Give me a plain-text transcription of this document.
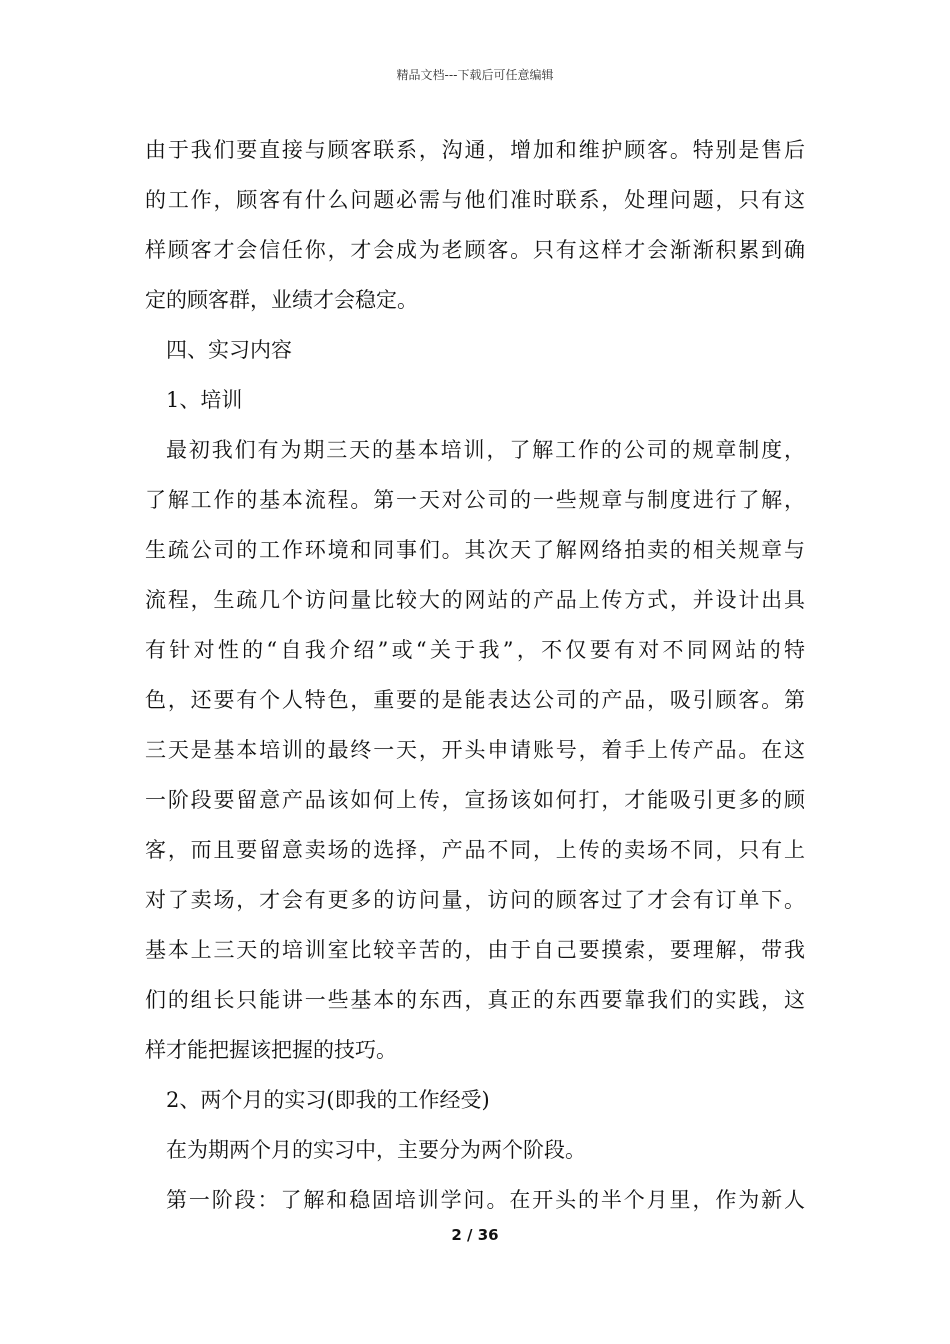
精品文档---下载后可任意编辑
由于我们要直接与顾客联系，沟通，增加和维护顾客。特别是售后
的工作，顾客有什么问题必需与他们准时联系，处理问题，只有这
样顾客才会信任你，才会成为老顾客。只有这样才会渐渐积累到确
定的顾客群，业绩才会稳定。
四、实习内容
1、培训
最初我们有为期三天的基本培训，了解工作的公司的规章制度，
了解工作的基本流程。第一天对公司的一些规章与制度进行了解，
生疏公司的工作环境和同事们。其次天了解网络拍卖的相关规章与
流程，生疏几个访问量比较大的网站的产品上传方式，并设计出具
有针对性的“自我介绍”或“关于我”，不仅要有对不同网站的特
色，还要有个人特色，重要的是能表达公司的产品，吸引顾客。第
三天是基本培训的最终一天，开头申请账号，着手上传产品。在这
一阶段要留意产品该如何上传，宣扬该如何打，才能吸引更多的顾
客，而且要留意卖场的选择，产品不同，上传的卖场不同，只有上
对了卖场，才会有更多的访问量，访问的顾客过了才会有订单下。
基本上三天的培训室比较辛苦的，由于自己要摸索，要理解，带我
们的组长只能讲一些基本的东西，真正的东西要靠我们的实践，这
样才能把握该把握的技巧。
2、两个月的实习(即我的工作经受)
在为期两个月的实习中，主要分为两个阶段。
第一阶段：了解和稳固培训学问。在开头的半个月里，作为新人
2 / 36
